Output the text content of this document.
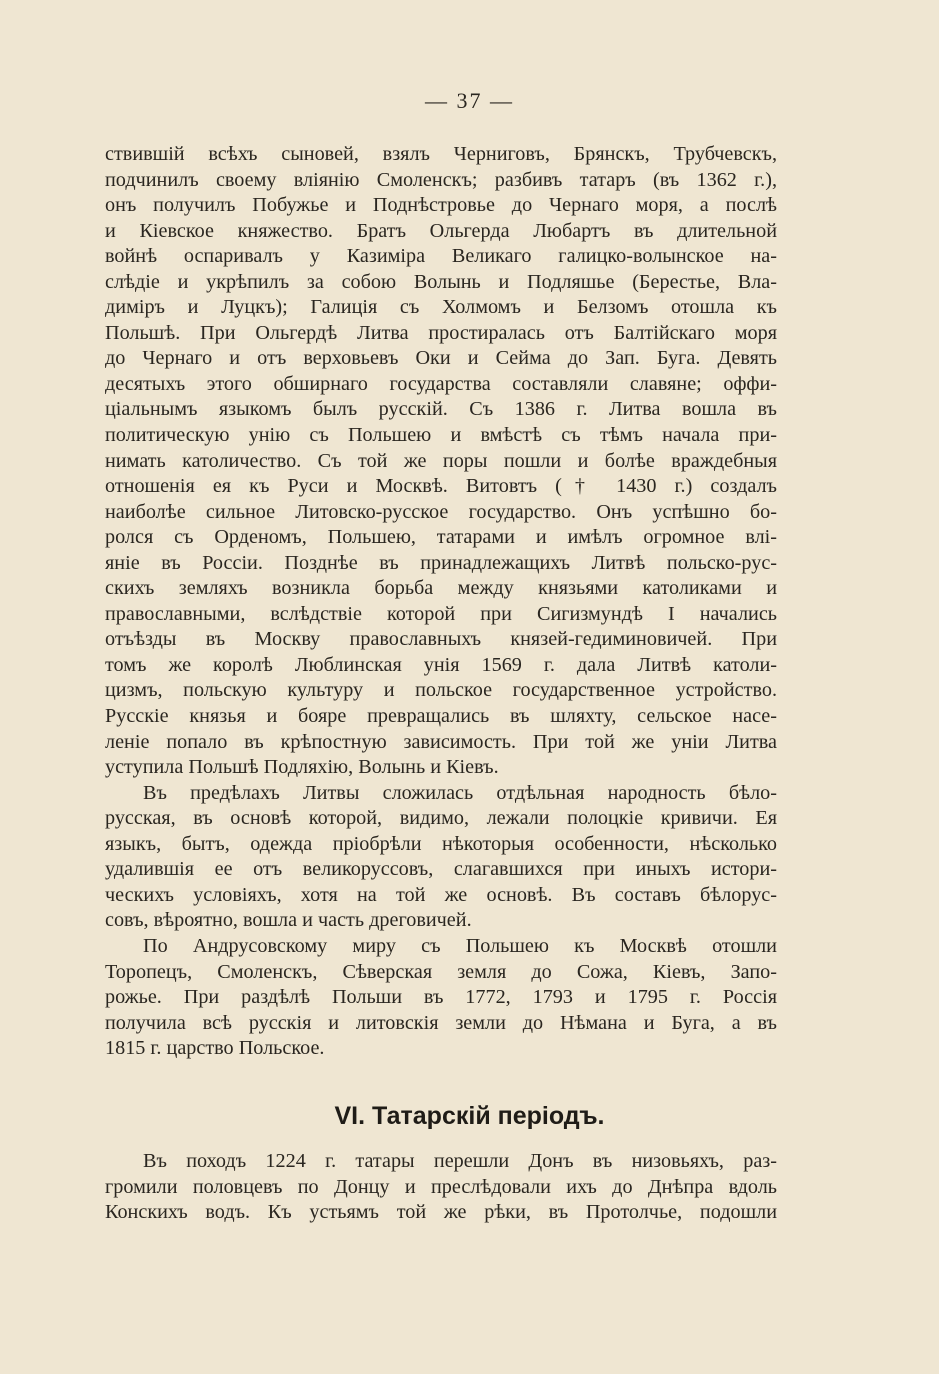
— 37 —
ствившій всѣхъ сыновей, взялъ Черниговъ, Брянскъ, Трубчевскъ,
подчинилъ своему вліянію Смоленскъ; разбивъ татаръ (въ 1362 г.),
онъ получилъ Побужье и Поднѣстровье до Чернаго моря, а послѣ
и Кіевское княжество. Братъ Ольгерда Любартъ въ длительной
войнѣ оспаривалъ у Казиміра Великаго галицко-волынское на-
слѣдіе и укрѣпилъ за собою Волынь и Подляшье (Берестье, Вла-
диміръ и Луцкъ); Галиція съ Холмомъ и Белзомъ отошла къ
Польшѣ. При Ольгердѣ Литва простиралась отъ Балтійскаго моря
до Чернаго и отъ верховьевъ Оки и Сейма до Зап. Буга. Девять
десятыхъ этого обширнаго государства составляли славяне; оффи-
ціальнымъ языкомъ былъ русскій. Съ 1386 г. Литва вошла въ
политическую унію съ Польшею и вмѣстѣ съ тѣмъ начала при-
нимать католичество. Съ той же поры пошли и болѣе враждебныя
отношенія ея къ Руси и Москвѣ. Витовтъ († 1430 г.) создалъ
наиболѣе сильное Литовско-русское государство. Онъ успѣшно бо-
ролся съ Орденомъ, Польшею, татарами и имѣлъ огромное влі-
яніе въ Россіи. Позднѣе въ принадлежащихъ Литвѣ польско-рус-
скихъ земляхъ возникла борьба между князьями католиками и
православными, вслѣдствіе которой при Сигизмундѣ I начались
отъѣзды въ Москву православныхъ князей-гедиминовичей. При
томъ же королѣ Люблинская унія 1569 г. дала Литвѣ католи-
цизмъ, польскую культуру и польское государственное устройство.
Русскіе князья и бояре превращались въ шляхту, сельское насе-
леніе попало въ крѣпостную зависимость. При той же уніи Литва
уступила Польшѣ Подляхію, Волынь и Кіевъ.
Въ предѣлахъ Литвы сложилась отдѣльная народность бѣло-
русская, въ основѣ которой, видимо, лежали полоцкіе кривичи. Ея
языкъ, бытъ, одежда пріобрѣли нѣкоторыя особенности, нѣсколько
удалившія ее отъ великоруссовъ, слагавшихся при иныхъ истори-
ческихъ условіяхъ, хотя на той же основѣ. Въ составъ бѣлорус-
совъ, вѣроятно, вошла и часть дреговичей.
По Андрусовскому миру съ Польшею къ Москвѣ отошли
Торопецъ, Смоленскъ, Сѣверская земля до Сожа, Кіевъ, Запо-
рожье. При раздѣлѣ Польши въ 1772, 1793 и 1795 г. Россія
получила всѣ русскія и литовскія земли до Нѣмана и Буга, а въ
1815 г. царство Польское.
VI. Татарскій періодъ.
Въ походъ 1224 г. татары перешли Донъ въ низовьяхъ, раз-
громили половцевъ по Донцу и преслѣдовали ихъ до Днѣпра вдоль
Конскихъ водъ. Къ устьямъ той же рѣки, въ Протолчье, подошли
